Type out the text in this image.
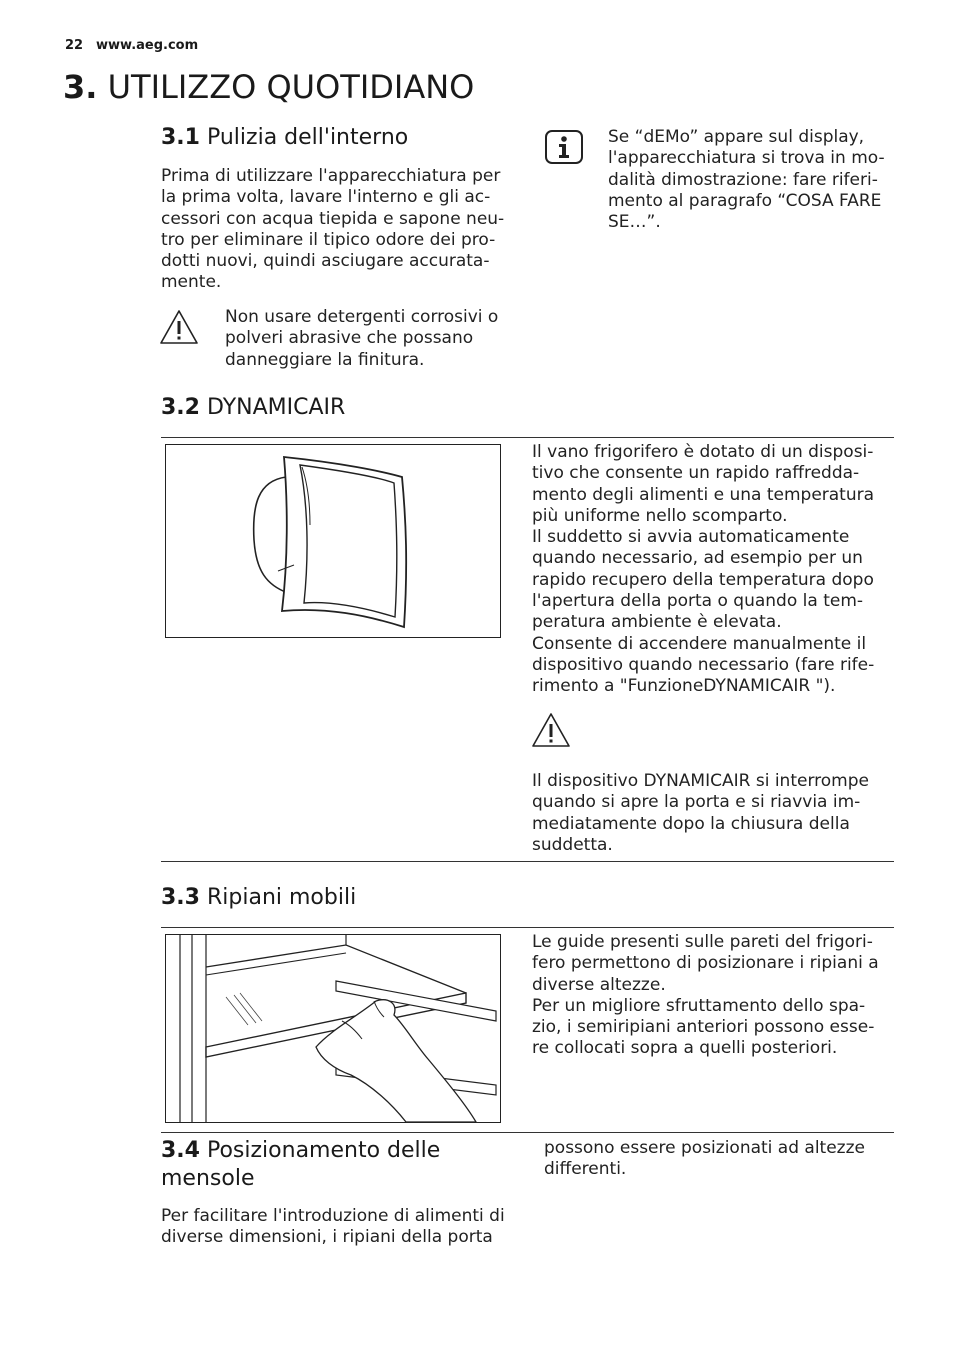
22 www.aeg.com
3. UTILIZZO QUOTIDIANO
3.1 Pulizia dell'interno
Prima di utilizzare l'apparecchiatura per
la prima volta, lavare l'interno e gli ac-
cessori con acqua tiepida e sapone neu-
tro per eliminare il tipico odore dei pro-
dotti nuovi, quindi asciugare accurata-
mente.
Non usare detergenti corrosivi o
polveri abrasive che possano
danneggiare la finitura.
Se “dEMo” appare sul display,
l'apparecchiatura si trova in mo-
dalità dimostrazione: fare riferi-
mento al paragrafo “COSA FARE
SE…”.
3.2 DYNAMICAIR
Il vano frigorifero è dotato di un disposi-
tivo che consente un rapido raffredda-
mento degli alimenti e una temperatura
più uniforme nello scomparto.
Il suddetto si avvia automaticamente
quando necessario, ad esempio per un
rapido recupero della temperatura dopo
l'apertura della porta o quando la tem-
peratura ambiente è elevata.
Consente di accendere manualmente il
dispositivo quando necessario (fare rife-
rimento a "FunzioneDYNAMICAIR ").
Il dispositivo DYNAMICAIR si interrompe
quando si apre la porta e si riavvia im-
mediatamente dopo la chiusura della
suddetta.
3.3 Ripiani mobili
Le guide presenti sulle pareti del frigori-
fero permettono di posizionare i ripiani a
diverse altezze.
Per un migliore sfruttamento dello spa-
zio, i semiripiani anteriori possono esse-
re collocati sopra a quelli posteriori.
3.4 Posizionamento delle
mensole
Per facilitare l'introduzione di alimenti di
diverse dimensioni, i ripiani della porta
possono essere posizionati ad altezze
differenti.
